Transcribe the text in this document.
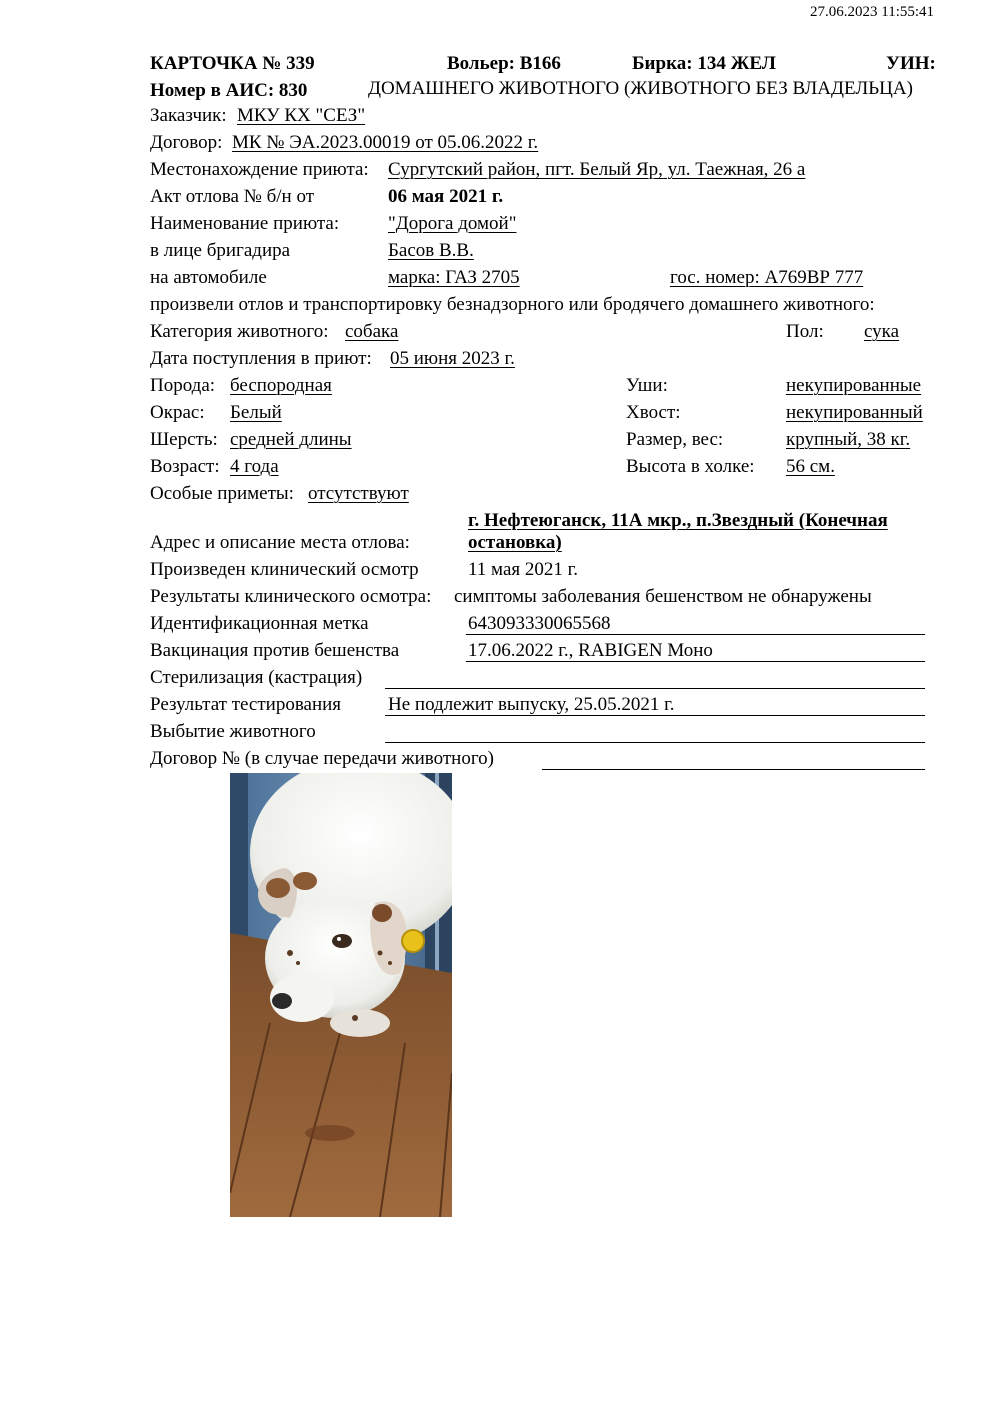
27.06.2023 11:55:41
КАРТОЧКА № 339	Вольер: В166	Бирка: 134 ЖЕЛ	УИН:
Номер в АИС: 830	ДОМАШНЕГО ЖИВОТНОГО (ЖИВОТНОГО БЕЗ ВЛАДЕЛЬЦА)
Заказчик: МКУ КХ "СЕЗ"
Договор: МК № ЭА.2023.00019 от 05.06.2022 г.
Местонахождение приюта: Сургутский район, пгт. Белый Яр, ул. Таежная, 26 а
Акт отлова № б/н от	06 мая 2021 г.
Наименование приюта:	"Дорога домой"
в лице бригадира	Басов В.В.
на автомобиле	марка: ГАЗ 2705	гос. номер: А769ВР 777
произвели отлов и транспортировку безнадзорного или бродячего домашнего животного:
Категория животного: собака	Пол: сука
Дата поступления в приют: 05 июня 2023 г.
Порода: беспородная	Уши:	некупированные
Окрас: Белый	Хвост:	некупированный
Шерсть: средней длины	Размер, вес:	крупный, 38 кг.
Возраст: 4 года	Высота в холке: 56 см.
Особые приметы: отсутствуют
г. Нефтеюганск, 11А мкр., п.Звездный (Конечная
Адрес и описание места отлова:	остановка)
Произведен клинический осмотр	11 мая 2021 г.
Результаты клинического осмотра: симптомы заболевания бешенством не обнаружены
Идентификационная метка	643093330065568
Вакцинация против бешенства	17.06.2022 г., RABIGEN Моно
Стерилизация (кастрация)
Результат тестирования Не подлежит выпуску, 25.05.2021 г.
Выбытие животного
Договор № (в случае передачи животного)
